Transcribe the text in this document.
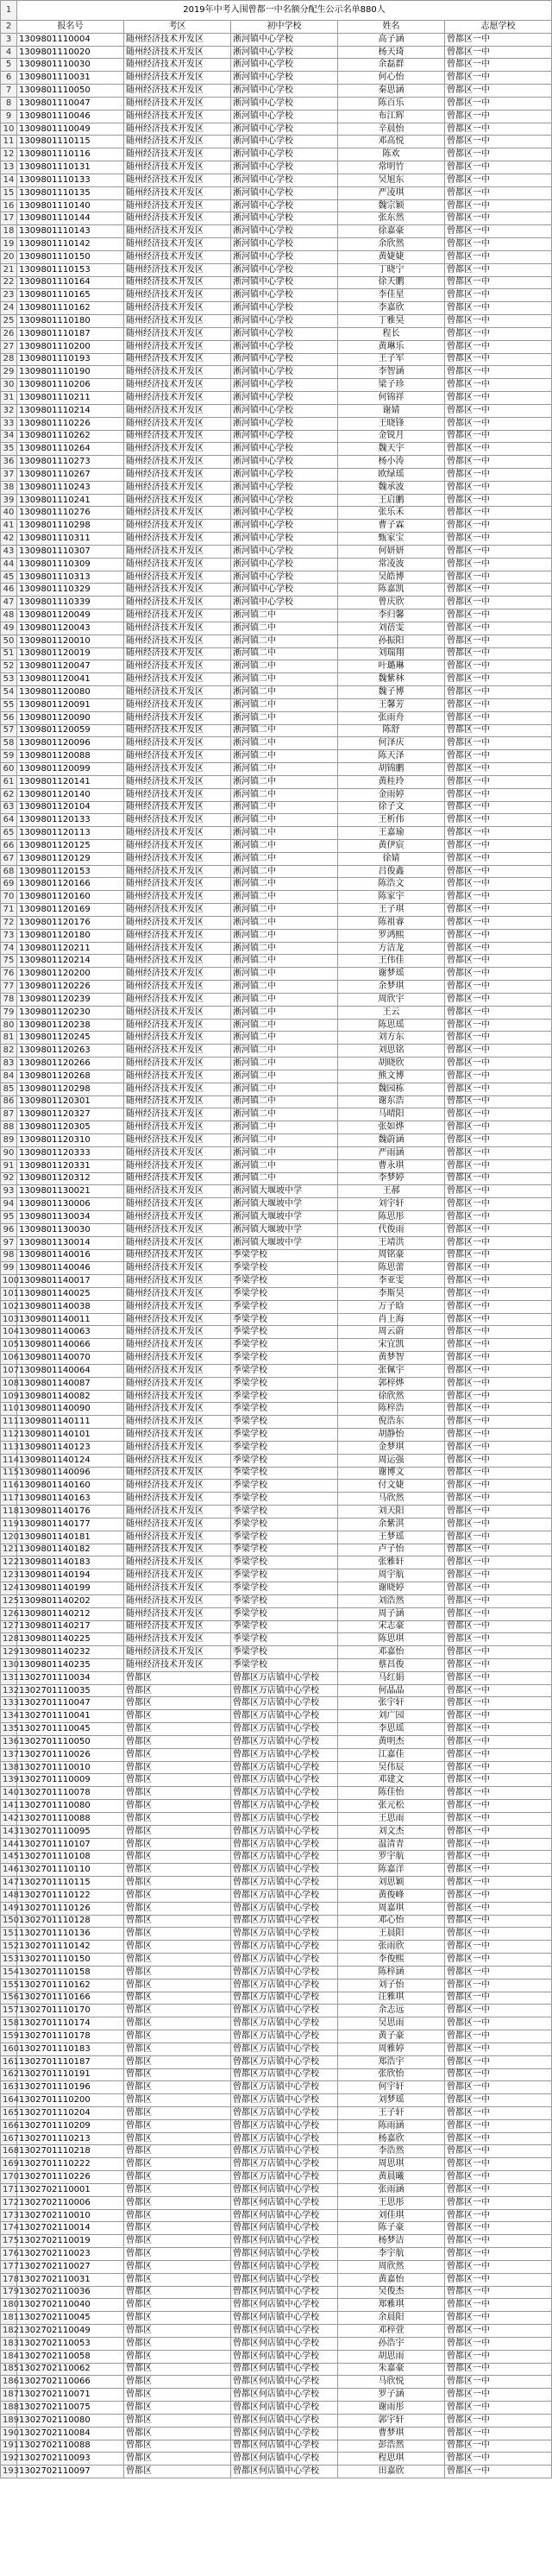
1	2019年中考入围曾都一中名额分配生公示名单880人				
2	报名号	考区	初中学校	姓名	志愿学校
3	1309801110004	随州经济技术开发区	淅河镇中心学校	高子涵	曾都区一中
4	1309801110020	随州经济技术开发区	淅河镇中心学校	杨天琦	曾都区一中
5	1309801110030	随州经济技术开发区	淅河镇中心学校	余磊群	曾都区一中
6	1309801110031	随州经济技术开发区	淅河镇中心学校	何心怡	曾都区一中
7	1309801110050	随州经济技术开发区	淅河镇中心学校	秦思涵	曾都区一中
8	1309801110047	随州经济技术开发区	淅河镇中心学校	陈百乐	曾都区一中
9	1309801110046	随州经济技术开发区	淅河镇中心学校	布江辉	曾都区一中
10	1309801110049	随州经济技术开发区	淅河镇中心学校	辛晨怡	曾都区一中
11	1309801110115	随州经济技术开发区	淅河镇中心学校	邓高悦	曾都区一中
12	1309801110116	随州经济技术开发区	淅河镇中心学校	陈欢	曾都区一中
13	1309801110131	随州经济技术开发区	淅河镇中心学校	常明竹	曾都区一中
14	1309801110133	随州经济技术开发区	淅河镇中心学校	吴旭东	曾都区一中
15	1309801110135	随州经济技术开发区	淅河镇中心学校	严凌琪	曾都区一中
16	1309801110140	随州经济技术开发区	淅河镇中心学校	魏宗颖	曾都区一中
17	1309801110144	随州经济技术开发区	淅河镇中心学校	张东然	曾都区一中
18	1309801110143	随州经济技术开发区	淅河镇中心学校	徐嘉豪	曾都区一中
19	1309801110142	随州经济技术开发区	淅河镇中心学校	余欣然	曾都区一中
20	1309801110150	随州经济技术开发区	淅河镇中心学校	黄婕婕	曾都区一中
21	1309801110153	随州经济技术开发区	淅河镇中心学校	丁晓宁	曾都区一中
22	1309801110164	随州经济技术开发区	淅河镇中心学校	徐天鹏	曾都区一中
23	1309801110165	随州经济技术开发区	淅河镇中心学校	李佳星	曾都区一中
24	1309801110162	随州经济技术开发区	淅河镇中心学校	李嘉欣	曾都区一中
25	1309801110180	随州经济技术开发区	淅河镇中心学校	丁雅昊	曾都区一中
26	1309801110187	随州经济技术开发区	淅河镇中心学校	程长	曾都区一中
27	1309801110200	随州经济技术开发区	淅河镇中心学校	黄琳乐	曾都区一中
28	1309801110193	随州经济技术开发区	淅河镇中心学校	王子军	曾都区一中
29	1309801110190	随州经济技术开发区	淅河镇中心学校	李智涵	曾都区一中
30	1309801110206	随州经济技术开发区	淅河镇中心学校	梁子珍	曾都区一中
31	1309801110211	随州经济技术开发区	淅河镇中心学校	何锦祥	曾都区一中
32	1309801110214	随州经济技术开发区	淅河镇中心学校	谢婧	曾都区一中
33	1309801110226	随州经济技术开发区	淅河镇中心学校	王晓锋	曾都区一中
34	1309801110262	随州经济技术开发区	淅河镇中心学校	金锐月	曾都区一中
35	1309801110264	随州经济技术开发区	淅河镇中心学校	魏天宇	曾都区一中
36	1309801110273	随州经济技术开发区	淅河镇中心学校	杨小涛	曾都区一中
37	1309801110267	随州经济技术开发区	淅河镇中心学校	欧绿瑶	曾都区一中
38	1309801110243	随州经济技术开发区	淅河镇中心学校	魏承波	曾都区一中
39	1309801110241	随州经济技术开发区	淅河镇中心学校	王启鹏	曾都区一中
40	1309801110276	随州经济技术开发区	淅河镇中心学校	张乐禾	曾都区一中
41	1309801110298	随州经济技术开发区	淅河镇中心学校	曹子霖	曾都区一中
42	1309801110311	随州经济技术开发区	淅河镇中心学校	甄家宝	曾都区一中
43	1309801110307	随州经济技术开发区	淅河镇中心学校	何妍妍	曾都区一中
44	1309801110309	随州经济技术开发区	淅河镇中心学校	常凌波	曾都区一中
45	1309801110313	随州经济技术开发区	淅河镇中心学校	吴皓博	曾都区一中
46	1309801110329	随州经济技术开发区	淅河镇中心学校	陈嘉凯	曾都区一中
47	1309801110339	随州经济技术开发区	淅河镇中心学校	曾庆欣	曾都区一中
48	1309801120049	随州经济技术开发区	淅河镇二中	李归馨	曾都区一中
49	1309801120043	随州经济技术开发区	淅河镇二中	刘蓓雯	曾都区一中
50	1309801120010	随州经济技术开发区	淅河镇二中	孙振阳	曾都区一中
51	1309801120019	随州经济技术开发区	淅河镇二中	刘瑞翔	曾都区一中
52	1309801120047	随州经济技术开发区	淅河镇二中	叶璐琳	曾都区一中
53	1309801120041	随州经济技术开发区	淅河镇二中	魏紫林	曾都区一中
54	1309801120080	随州经济技术开发区	淅河镇二中	魏子博	曾都区一中
55	1309801120091	随州经济技术开发区	淅河镇二中	王馨芳	曾都区一中
56	1309801120090	随州经济技术开发区	淅河镇二中	张雨舟	曾都区一中
57	1309801120059	随州经济技术开发区	淅河镇二中	陈舒	曾都区一中
58	1309801120096	随州经济技术开发区	淅河镇二中	何泽庆	曾都区一中
59	1309801120088	随州经济技术开发区	淅河镇二中	陈天泽	曾都区一中
60	1309801120099	随州经济技术开发区	淅河镇二中	胡锦鹏	曾都区一中
61	1309801120141	随州经济技术开发区	淅河镇二中	黄桂玲	曾都区一中
62	1309801120140	随州经济技术开发区	淅河镇二中	金雨婷	曾都区一中
63	1309801120104	随州经济技术开发区	淅河镇二中	徐子文	曾都区一中
64	1309801120133	随州经济技术开发区	淅河镇二中	王析伟	曾都区一中
65	1309801120113	随州经济技术开发区	淅河镇二中	王嘉瑜	曾都区一中
66	1309801120125	随州经济技术开发区	淅河镇二中	黄伊宸	曾都区一中
67	1309801120129	随州经济技术开发区	淅河镇二中	徐婧	曾都区一中
68	1309801120153	随州经济技术开发区	淅河镇二中	吕俊鑫	曾都区一中
69	1309801120166	随州经济技术开发区	淅河镇二中	陈浩文	曾都区一中
70	1309801120160	随州经济技术开发区	淅河镇二中	陈家宇	曾都区一中
71	1309801120169	随州经济技术开发区	淅河镇二中	王子琪	曾都区一中
72	1309801120176	随州经济技术开发区	淅河镇二中	陈祖睿	曾都区一中
73	1309801120180	随州经济技术开发区	淅河镇二中	罗鸿熙	曾都区一中
74	1309801120211	随州经济技术开发区	淅河镇二中	方洁龙	曾都区一中
75	1309801120214	随州经济技术开发区	淅河镇二中	王伟佳	曾都区一中
76	1309801120200	随州经济技术开发区	淅河镇二中	谢梦瑶	曾都区一中
77	1309801120226	随州经济技术开发区	淅河镇二中	余梦琪	曾都区一中
78	1309801120239	随州经济技术开发区	淅河镇二中	周欣宇	曾都区一中
79	1309801120230	随州经济技术开发区	淅河镇二中	王云	曾都区一中
80	1309801120238	随州经济技术开发区	淅河镇二中	陈思瑶	曾都区一中
81	1309801120245	随州经济技术开发区	淅河镇二中	刘方东	曾都区一中
82	1309801120263	随州经济技术开发区	淅河镇二中	刘思铭	曾都区一中
83	1309801120266	随州经济技术开发区	淅河镇二中	胡晓欣	曾都区一中
84	1309801120268	随州经济技术开发区	淅河镇二中	熊文博	曾都区一中
85	1309801120298	随州经济技术开发区	淅河镇二中	魏园栋	曾都区一中
86	1309801120301	随州经济技术开发区	淅河镇二中	谢东浩	曾都区一中
87	1309801120327	随州经济技术开发区	淅河镇二中	马晴阳	曾都区一中
88	1309801120305	随州经济技术开发区	淅河镇二中	张如烨	曾都区一中
89	1309801120310	随州经济技术开发区	淅河镇二中	魏蔚涵	曾都区一中
90	1309801120333	随州经济技术开发区	淅河镇二中	严雨涵	曾都区一中
91	1309801120331	随州经济技术开发区	淅河镇二中	曹永琪	曾都区一中
92	1309801120312	随州经济技术开发区	淅河镇二中	李梦婷	曾都区一中
93	1309801130021	随州经济技术开发区	淅河镇大堰坡中学	王郝	曾都区一中
94	1309801130006	随州经济技术开发区	淅河镇大堰坡中学	刘宇轩	曾都区一中
95	1309801130034	随州经济技术开发区	淅河镇大堰坡中学	陈思彤	曾都区一中
96	1309801130030	随州经济技术开发区	淅河镇大堰坡中学	代俊雨	曾都区一中
97	1309801130014	随州经济技术开发区	淅河镇大堰坡中学	王靖洪	曾都区一中
98	1309801140016	随州经济技术开发区	季梁学校	周铭豪	曾都区一中
99	1309801140046	随州经济技术开发区	季梁学校	陈思蕾	曾都区一中
100	1309801140017	随州经济技术开发区	季梁学校	李亚雯	曾都区一中
101	1309801140025	随州经济技术开发区	季梁学校	李斯昊	曾都区一中
102	1309801140038	随州经济技术开发区	季梁学校	万子晗	曾都区一中
103	1309801140011	随州经济技术开发区	季梁学校	肖上海	曾都区一中
104	1309801140063	随州经济技术开发区	季梁学校	周云蔚	曾都区一中
105	1309801140066	随州经济技术开发区	季梁学校	宋宜凯	曾都区一中
106	1309801140070	随州经济技术开发区	季梁学校	黄梦智	曾都区一中
107	1309801140064	随州经济技术开发区	季梁学校	张佩宇	曾都区一中
108	1309801140087	随州经济技术开发区	季梁学校	郭梓烨	曾都区一中
109	1309801140082	随州经济技术开发区	季梁学校	徐欣然	曾都区一中
110	1309801140090	随州经济技术开发区	季梁学校	陈梓浩	曾都区一中
111	1309801140111	随州经济技术开发区	季梁学校	倪浩东	曾都区一中
112	1309801140101	随州经济技术开发区	季梁学校	胡静怡	曾都区一中
113	1309801140123	随州经济技术开发区	季梁学校	金梦琪	曾都区一中
114	1309801140124	随州经济技术开发区	季梁学校	周运强	曾都区一中
115	1309801140096	随州经济技术开发区	季梁学校	谢博文	曾都区一中
116	1309801140160	随州经济技术开发区	季梁学校	付文婕	曾都区一中
117	1309801140163	随州经济技术开发区	季梁学校	马欣然	曾都区一中
118	1309801140176	随州经济技术开发区	季梁学校	刘天阳	曾都区一中
119	1309801140177	随州经济技术开发区	季梁学校	余紫淇	曾都区一中
120	1309801140181	随州经济技术开发区	季梁学校	王梦瑶	曾都区一中
121	1309801140182	随州经济技术开发区	季梁学校	卢子怡	曾都区一中
122	1309801140183	随州经济技术开发区	季梁学校	张雅轩	曾都区一中
123	1309801140194	随州经济技术开发区	季梁学校	周宇航	曾都区一中
124	1309801140199	随州经济技术开发区	季梁学校	谢晓婷	曾都区一中
125	1309801140202	随州经济技术开发区	季梁学校	刘浩然	曾都区一中
126	1309801140212	随州经济技术开发区	季梁学校	周子涵	曾都区一中
127	1309801140217	随州经济技术开发区	季梁学校	宋志豪	曾都区一中
128	1309801140225	随州经济技术开发区	季梁学校	陈思琪	曾都区一中
129	1309801140232	随州经济技术开发区	季梁学校	邓嘉怡	曾都区一中
130	1309801140235	随州经济技术开发区	季梁学校	蔡昌俊	曾都区一中
131	1302701110034	曾都区	曾都区万店镇中心学校	马红娟	曾都区一中
132	1302701110035	曾都区	曾都区万店镇中心学校	何晶晶	曾都区一中
133	1302701110047	曾都区	曾都区万店镇中心学校	张宇轩	曾都区一中
134	1302701110041	曾都区	曾都区万店镇中心学校	刘广园	曾都区一中
135	1302701110045	曾都区	曾都区万店镇中心学校	李思瑶	曾都区一中
136	1302701110050	曾都区	曾都区万店镇中心学校	黄明杰	曾都区一中
137	1302701110026	曾都区	曾都区万店镇中心学校	江嘉佳	曾都区一中
138	1302701110010	曾都区	曾都区万店镇中心学校	吴伟辰	曾都区一中
139	1302701110009	曾都区	曾都区万店镇中心学校	邓建文	曾都区一中
140	1302701110078	曾都区	曾都区万店镇中心学校	陈佳怡	曾都区一中
141	1302701110080	曾都区	曾都区万店镇中心学校	张元松	曾都区一中
142	1302701110088	曾都区	曾都区万店镇中心学校	王思雨	曾都区一中
143	1302701110095	曾都区	曾都区万店镇中心学校	刘文杰	曾都区一中
144	1302701110107	曾都区	曾都区万店镇中心学校	温清青	曾都区一中
145	1302701110108	曾都区	曾都区万店镇中心学校	罗宇航	曾都区一中
146	1302701110110	曾都区	曾都区万店镇中心学校	陈嘉洋	曾都区一中
147	1302701110115	曾都区	曾都区万店镇中心学校	刘思颖	曾都区一中
148	1302701110122	曾都区	曾都区万店镇中心学校	黄俊峰	曾都区一中
149	1302701110126	曾都区	曾都区万店镇中心学校	周嘉琪	曾都区一中
150	1302701110128	曾都区	曾都区万店镇中心学校	邓心怡	曾都区一中
151	1302701110136	曾都区	曾都区万店镇中心学校	王晨阳	曾都区一中
152	1302701110142	曾都区	曾都区万店镇中心学校	张雨欣	曾都区一中
153	1302701110150	曾都区	曾都区万店镇中心学校	李俊熙	曾都区一中
154	1302701110158	曾都区	曾都区万店镇中心学校	陈梓涵	曾都区一中
155	1302701110162	曾都区	曾都区万店镇中心学校	刘子怡	曾都区一中
156	1302701110166	曾都区	曾都区万店镇中心学校	汪雅琪	曾都区一中
157	1302701110170	曾都区	曾都区万店镇中心学校	余志远	曾都区一中
158	1302701110174	曾都区	曾都区万店镇中心学校	吴思雨	曾都区一中
159	1302701110178	曾都区	曾都区万店镇中心学校	黄子豪	曾都区一中
160	1302701110183	曾都区	曾都区万店镇中心学校	周雅婷	曾都区一中
161	1302701110187	曾都区	曾都区万店镇中心学校	郑浩宇	曾都区一中
162	1302701110191	曾都区	曾都区万店镇中心学校	张欣怡	曾都区一中
163	1302701110196	曾都区	曾都区万店镇中心学校	何宇轩	曾都区一中
164	1302701110200	曾都区	曾都区万店镇中心学校	刘梦瑶	曾都区一中
165	1302701110204	曾都区	曾都区万店镇中心学校	王子轩	曾都区一中
166	1302701110209	曾都区	曾都区万店镇中心学校	陈雨涵	曾都区一中
167	1302701110213	曾都区	曾都区万店镇中心学校	杨嘉欣	曾都区一中
168	1302701110218	曾都区	曾都区万店镇中心学校	李浩然	曾都区一中
169	1302701110222	曾都区	曾都区万店镇中心学校	周思琪	曾都区一中
170	1302701110226	曾都区	曾都区万店镇中心学校	黄晨曦	曾都区一中
171	1302702110001	曾都区	曾都区何店镇中心学校	张雨涵	曾都区一中
172	1302702110006	曾都区	曾都区何店镇中心学校	王思彤	曾都区一中
173	1302702110010	曾都区	曾都区何店镇中心学校	刘佳琪	曾都区一中
174	1302702110014	曾都区	曾都区何店镇中心学校	陈子豪	曾都区一中
175	1302702110019	曾都区	曾都区何店镇中心学校	杨梦洁	曾都区一中
176	1302702110023	曾都区	曾都区何店镇中心学校	李宇航	曾都区一中
177	1302702110027	曾都区	曾都区何店镇中心学校	周欣然	曾都区一中
178	1302702110031	曾都区	曾都区何店镇中心学校	黄嘉怡	曾都区一中
179	1302702110036	曾都区	曾都区何店镇中心学校	吴俊杰	曾都区一中
180	1302702110040	曾都区	曾都区何店镇中心学校	郑雅琪	曾都区一中
181	1302702110045	曾都区	曾都区何店镇中心学校	余晨阳	曾都区一中
182	1302702110049	曾都区	曾都区何店镇中心学校	邓梓萱	曾都区一中
183	1302702110053	曾都区	曾都区何店镇中心学校	孙浩宇	曾都区一中
184	1302702110058	曾都区	曾都区何店镇中心学校	胡思雨	曾都区一中
185	1302702110062	曾都区	曾都区何店镇中心学校	朱嘉豪	曾都区一中
186	1302702110066	曾都区	曾都区何店镇中心学校	马欣悦	曾都区一中
187	1302702110071	曾都区	曾都区何店镇中心学校	罗子涵	曾都区一中
188	1302702110075	曾都区	曾都区何店镇中心学校	谢雨彤	曾都区一中
189	1302702110080	曾都区	曾都区何店镇中心学校	郭宇轩	曾都区一中
190	1302702110084	曾都区	曾都区何店镇中心学校	曹梦琪	曾都区一中
191	1302702110088	曾都区	曾都区何店镇中心学校	彭浩然	曾都区一中
192	1302702110093	曾都区	曾都区何店镇中心学校	程思琪	曾都区一中
193	1302702110097	曾都区	曾都区何店镇中心学校	田嘉欣	曾都区一中
